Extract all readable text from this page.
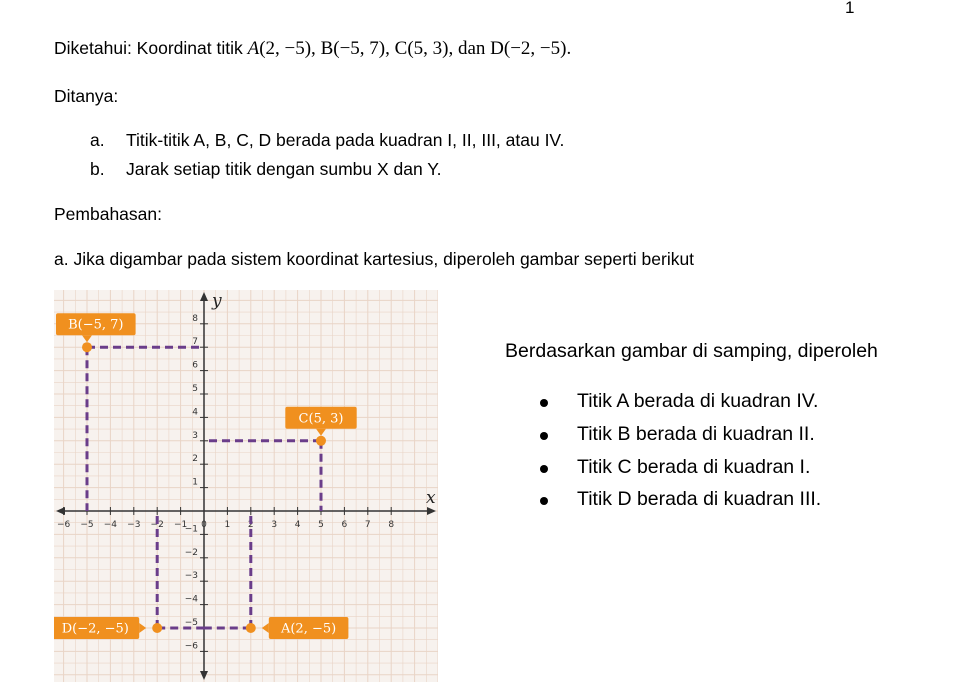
1
Diketahui: Koordinat titik A(2, −5), B(−5, 7), C(5, 3), dan D(−2, −5).
Ditanya:
a. Titik-titik A, B, C, D berada pada kuadran I, II, III, atau IV.
b. Jarak setiap titik dengan sumbu X dan Y.
Pembahasan:
a. Jika digambar pada sistem koordinat kartesius, diperoleh gambar seperti berikut
x
y
−6 −5 −4 −3 −2 −1 0 1 2 3 4 5 6 7 8
−6
−5
−4
−3
−2
−1
1
2
3
4
5
6
7
8
A(2, −5)
B(−5, 7)
C(5, 3)
D(−2, −5)
Berdasarkan gambar di samping, diperoleh
Titik A berada di kuadran IV.
Titik B berada di kuadran II.
Titik C berada di kuadran I.
Titik D berada di kuadran III.
